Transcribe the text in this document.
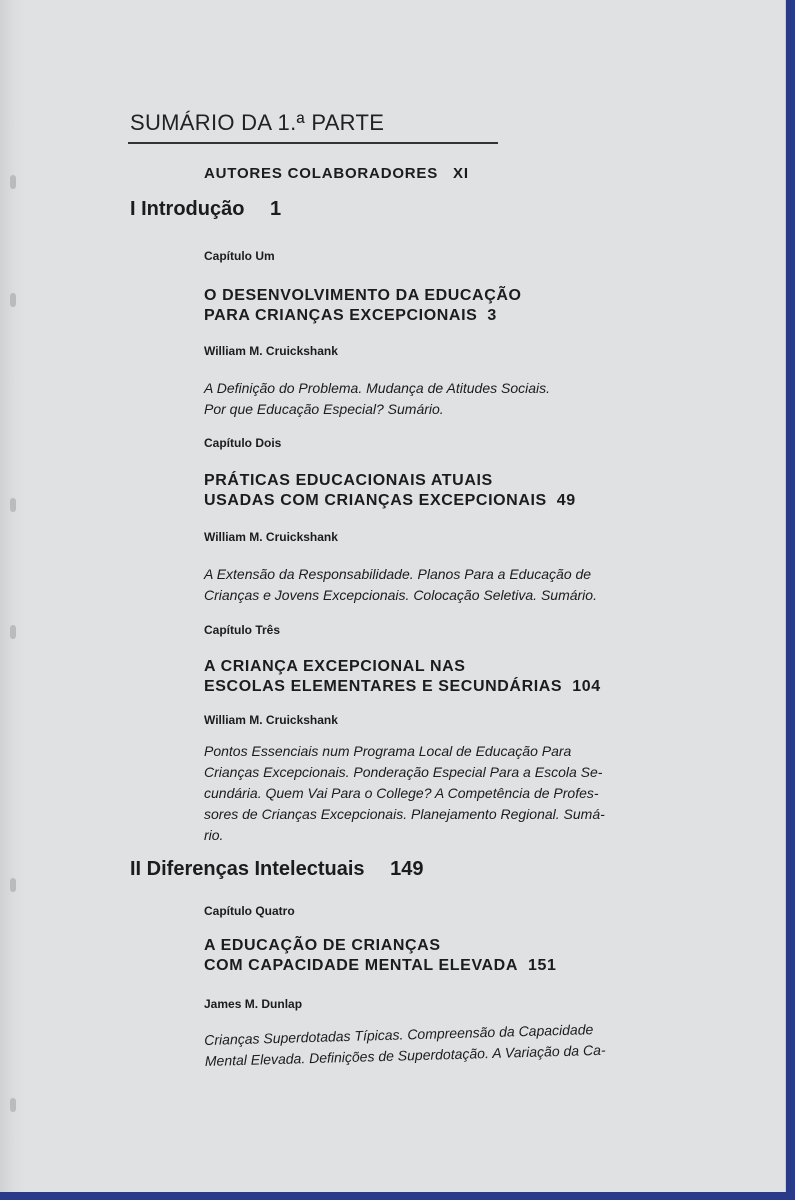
SUMÁRIO DA 1.ª PARTE
AUTORES COLABORADORES XI
I Introdução 1
Capítulo Um
O DESENVOLVIMENTO DA EDUCAÇÃO
PARA CRIANÇAS EXCEPCIONAIS 3
William M. Cruickshank
A Definição do Problema. Mudança de Atitudes Sociais.
Por que Educação Especial? Sumário.
Capítulo Dois
PRÁTICAS EDUCACIONAIS ATUAIS
USADAS COM CRIANÇAS EXCEPCIONAIS 49
William M. Cruickshank
A Extensão da Responsabilidade. Planos Para a Educação de
Crianças e Jovens Excepcionais. Colocação Seletiva. Sumário.
Capítulo Três
A CRIANÇA EXCEPCIONAL NAS
ESCOLAS ELEMENTARES E SECUNDÁRIAS 104
William M. Cruickshank
Pontos Essenciais num Programa Local de Educação Para
Crianças Excepcionais. Ponderação Especial Para a Escola Se-
cundária. Quem Vai Para o College? A Competência de Profes-
sores de Crianças Excepcionais. Planejamento Regional. Sumá-
rio.
II Diferenças Intelectuais 149
Capítulo Quatro
A EDUCAÇÃO DE CRIANÇAS
COM CAPACIDADE MENTAL ELEVADA 151
James M. Dunlap
Crianças Superdotadas Típicas. Compreensão da Capacidade
Mental Elevada. Definições de Superdotação. A Variação da Ca-
